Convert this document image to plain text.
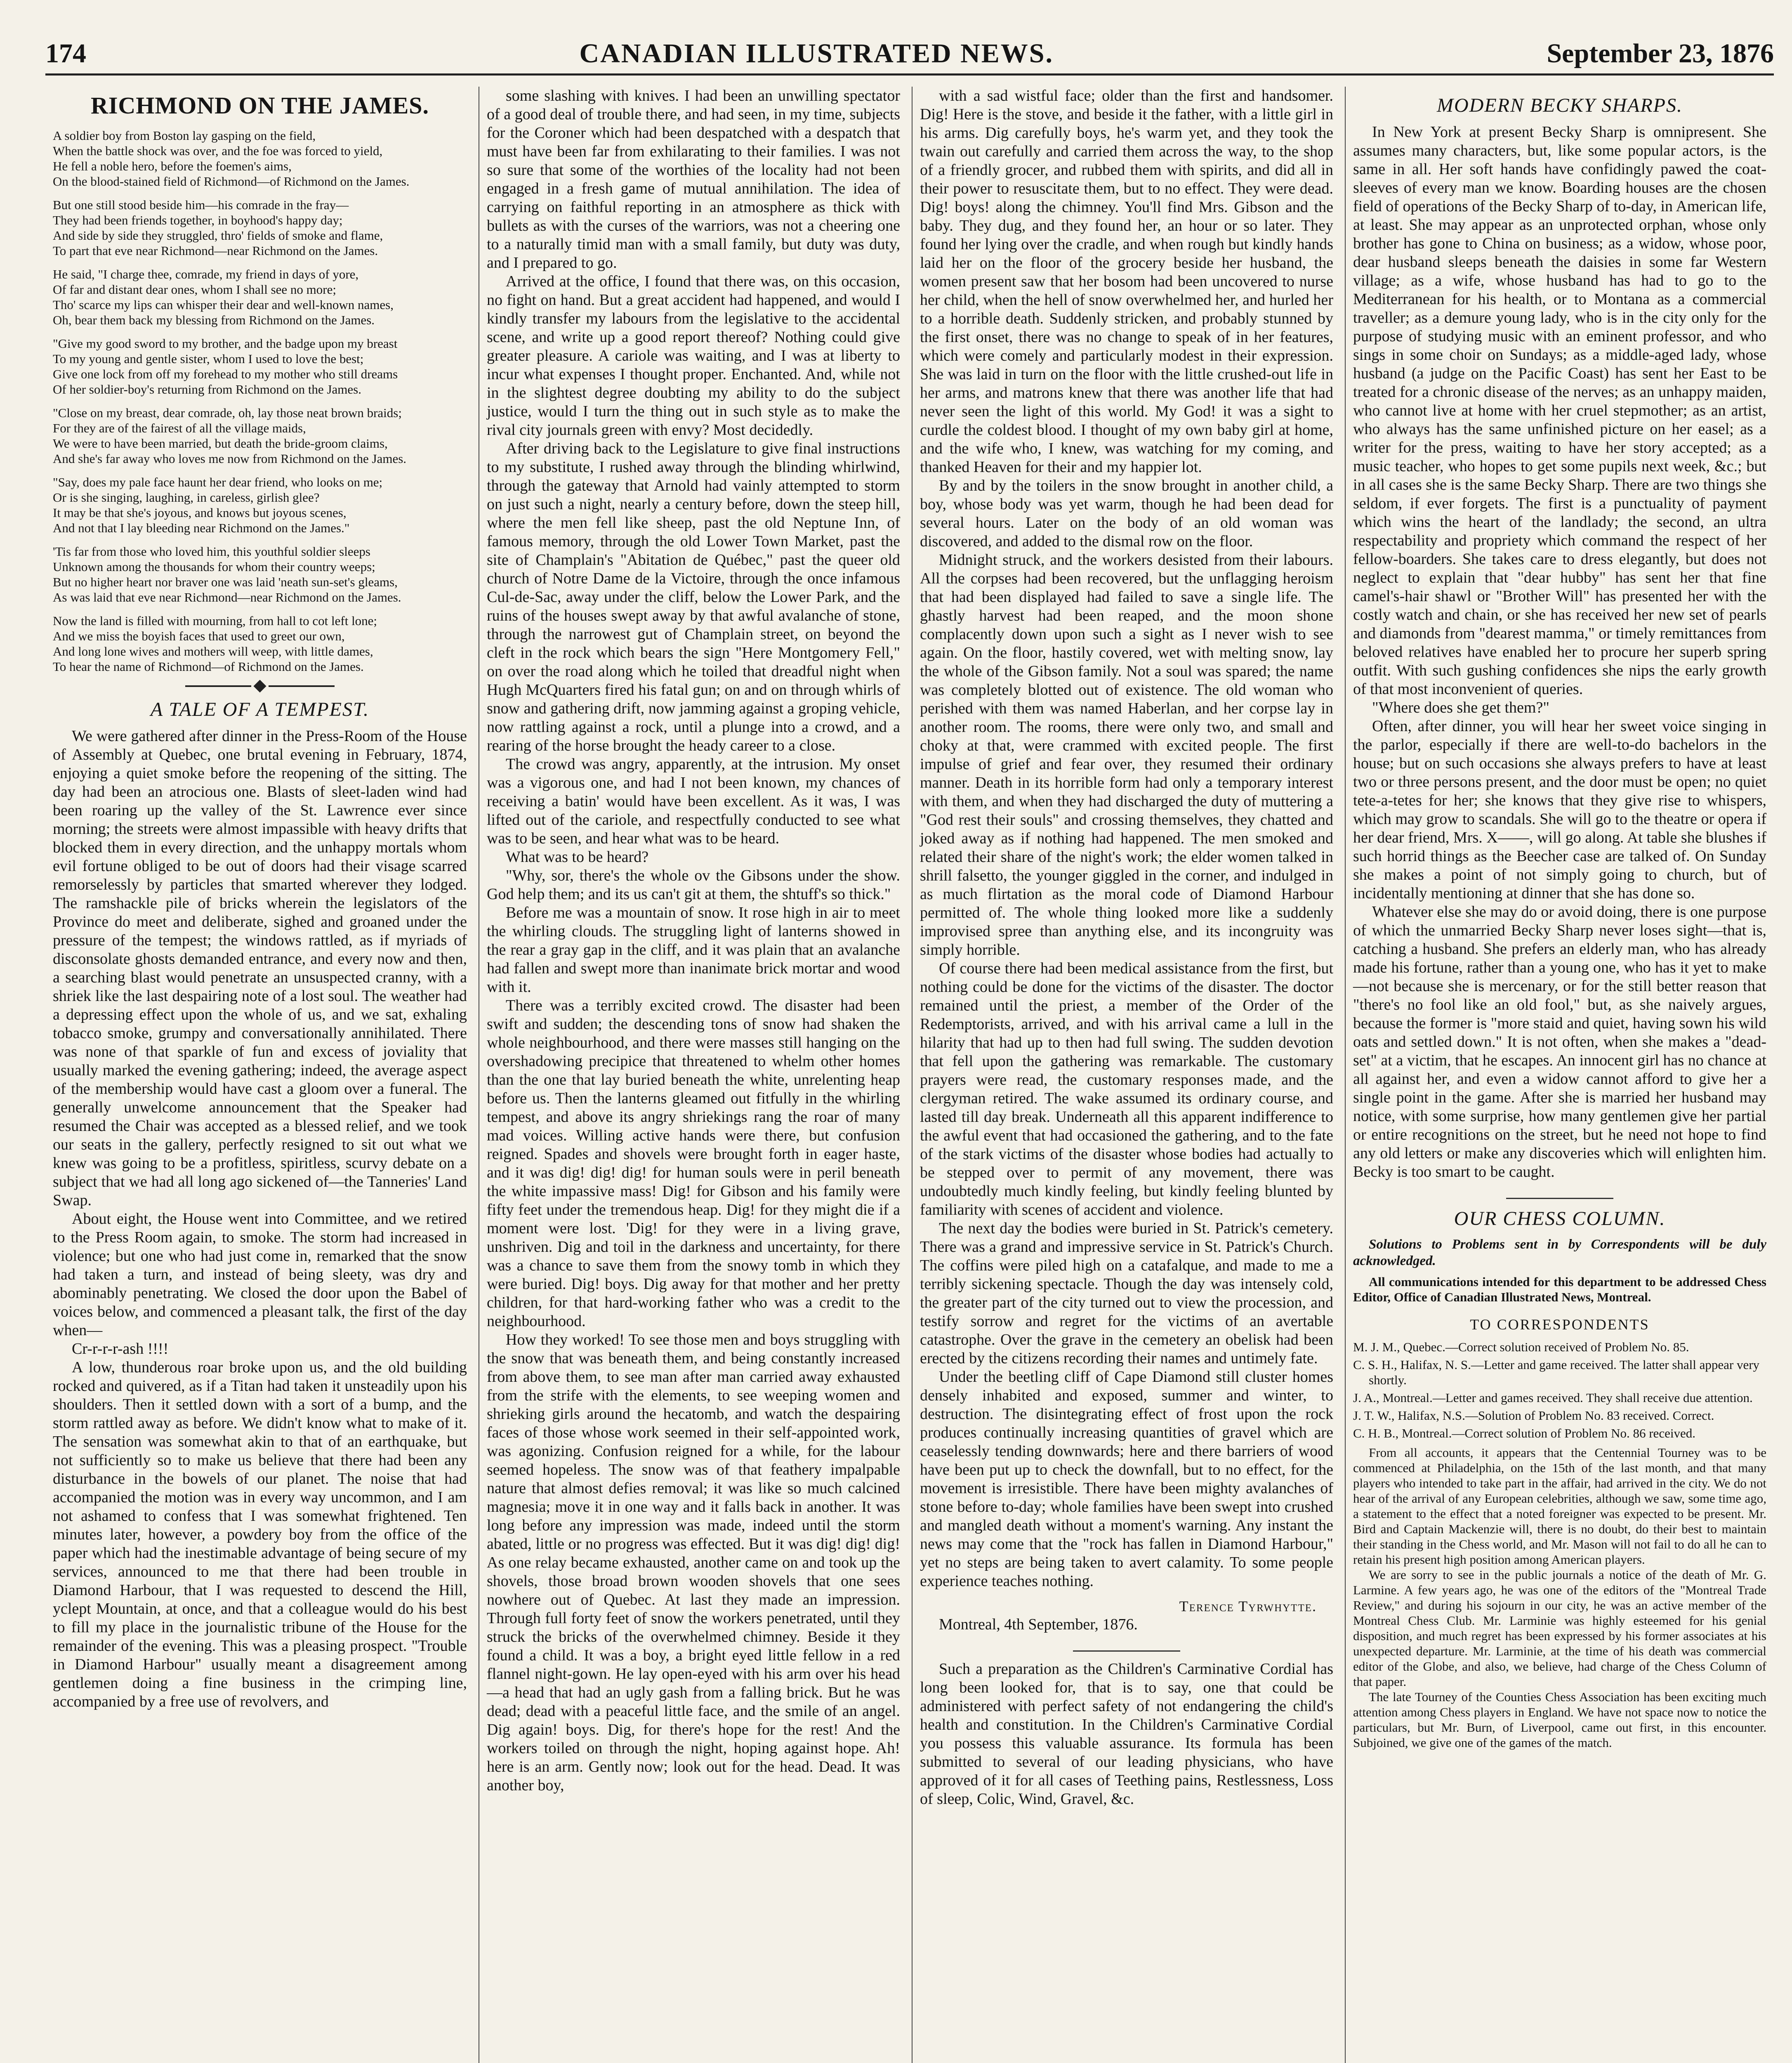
174	CANADIAN ILLUSTRATED NEWS.	September 23, 1876
RICHMOND ON THE JAMES.

A soldier boy from Boston lay gasping on the field,

When the battle shock was over, and the foe was forced to yield,

He fell a noble hero, before the foemen's aims,

On the blood-stained field of Richmond—of Richmond on the James.

But one still stood beside him—his comrade in the fray—

They had been friends together, in boyhood's happy day;

And side by side they struggled, thro' fields of smoke and flame,

To part that eve near Richmond—near Richmond on the James.

He said, "I charge thee, comrade, my friend in days of yore,

Of far and distant dear ones, whom I shall see no more;

Tho' scarce my lips can whisper their dear and well-known names,

Oh, bear them back my blessing from Richmond on the James.

"Give my good sword to my brother, and the badge upon my breast

To my young and gentle sister, whom I used to love the best;

Give one lock from off my forehead to my mother who still dreams

Of her soldier-boy's returning from Richmond on the James.

"Close on my breast, dear comrade, oh, lay those neat brown braids;

For they are of the fairest of all the village maids,

We were to have been married, but death the bride-groom claims,

And she's far away who loves me now from Richmond on the James.

"Say, does my pale face haunt her dear friend, who looks on me;

Or is she singing, laughing, in careless, girlish glee?

It may be that she's joyous, and knows but joyous scenes,

And not that I lay bleeding near Richmond on the James."

'Tis far from those who loved him, this youthful soldier sleeps

Unknown among the thousands for whom their country weeps;

But no higher heart nor braver one was laid 'neath sun-set's gleams,

As was laid that eve near Richmond—near Richmond on the James.

Now the land is filled with mourning, from hall to cot left lone;

And we miss the boyish faces that used to greet our own,

And long lone wives and mothers will weep, with little dames,

To hear the name of Richmond—of Richmond on the James.

A TALE OF A TEMPEST.

We were gathered after dinner in the Press-Room of the House of Assembly at Quebec, one brutal evening in February, 1874, enjoying a quiet smoke before the reopening of the sitting. The day had been an atrocious one. Blasts of sleet-laden wind had been roaring up the valley of the St. Lawrence ever since morning; the streets were almost impassible with heavy drifts that blocked them in every direction, and the unhappy mortals whom evil fortune obliged to be out of doors had their visage scarred remorselessly by particles that smarted wherever they lodged. The ramshackle pile of bricks wherein the legislators of the Province do meet and deliberate, sighed and groaned under the pressure of the tempest; the windows rattled, as if myriads of disconsolate ghosts demanded entrance, and every now and then, a searching blast would penetrate an unsuspected cranny, with a shriek like the last despairing note of a lost soul. The weather had a depressing effect upon the whole of us, and we sat, exhaling tobacco smoke, grumpy and conversationally annihilated. There was none of that sparkle of fun and excess of joviality that usually marked the evening gathering; indeed, the average aspect of the membership would have cast a gloom over a funeral. The generally unwelcome announcement that the Speaker had resumed the Chair was accepted as a blessed relief, and we took our seats in the gallery, perfectly resigned to sit out what we knew was going to be a profitless, spiritless, scurvy debate on a subject that we had all long ago sickened of—the Tanneries' Land Swap.

About eight, the House went into Committee, and we retired to the Press Room again, to smoke. The storm had increased in violence; but one who had just come in, remarked that the snow had taken a turn, and instead of being sleety, was dry and abominably penetrating. We closed the door upon the Babel of voices below, and commenced a pleasant talk, the first of the day when—

Cr-r-r-r-ash !!!!

A low, thunderous roar broke upon us, and the old building rocked and quivered, as if a Titan had taken it unsteadily upon his shoulders. Then it settled down with a sort of a bump, and the storm rattled away as before. We didn't know what to make of it. The sensation was somewhat akin to that of an earthquake, but not sufficiently so to make us believe that there had been any disturbance in the bowels of our planet. The noise that had accompanied the motion was in every way uncommon, and I am not ashamed to confess that I was somewhat frightened. Ten minutes later, however, a powdery boy from the office of the paper which had the inestimable advantage of being secure of my services, announced to me that there had been trouble in Diamond Harbour, that I was requested to descend the Hill, yclept Mountain, at once, and that a colleague would do his best to fill my place in the journalistic tribune of the House for the remainder of the evening. This was a pleasing prospect. "Trouble in Diamond Harbour" usually meant a disagreement among gentlemen doing a fine business in the crimping line, accompanied by a free use of revolvers, and

some slashing with knives. I had been an unwilling spectator of a good deal of trouble there, and had seen, in my time, subjects for the Coroner which had been despatched with a despatch that must have been far from exhilarating to their families. I was not so sure that some of the worthies of the locality had not been engaged in a fresh game of mutual annihilation. The idea of carrying on faithful reporting in an atmosphere as thick with bullets as with the curses of the warriors, was not a cheering one to a naturally timid man with a small family, but duty was duty, and I prepared to go.

Arrived at the office, I found that there was, on this occasion, no fight on hand. But a great accident had happened, and would I kindly transfer my labours from the legislative to the accidental scene, and write up a good report thereof? Nothing could give greater pleasure. A cariole was waiting, and I was at liberty to incur what expenses I thought proper. Enchanted. And, while not in the slightest degree doubting my ability to do the subject justice, would I turn the thing out in such style as to make the rival city journals green with envy? Most decidedly.

After driving back to the Legislature to give final instructions to my substitute, I rushed away through the blinding whirlwind, through the gateway that Arnold had vainly attempted to storm on just such a night, nearly a century before, down the steep hill, where the men fell like sheep, past the old Neptune Inn, of famous memory, through the old Lower Town Market, past the site of Champlain's "Abitation de Québec," past the queer old church of Notre Dame de la Victoire, through the once infamous Cul-de-Sac, away under the cliff, below the Lower Park, and the ruins of the houses swept away by that awful avalanche of stone, through the narrowest gut of Champlain street, on beyond the cleft in the rock which bears the sign "Here Montgomery Fell," on over the road along which he toiled that dreadful night when Hugh McQuarters fired his fatal gun; on and on through whirls of snow and gathering drift, now jamming against a groping vehicle, now rattling against a rock, until a plunge into a crowd, and a rearing of the horse brought the heady career to a close.

The crowd was angry, apparently, at the intrusion. My onset was a vigorous one, and had I not been known, my chances of receiving a batin' would have been excellent. As it was, I was lifted out of the cariole, and respectfully conducted to see what was to be seen, and hear what was to be heard.

What was to be heard?

"Why, sor, there's the whole ov the Gibsons under the show. God help them; and its us can't git at them, the shtuff's so thick."

Before me was a mountain of snow. It rose high in air to meet the whirling clouds. The struggling light of lanterns showed in the rear a gray gap in the cliff, and it was plain that an avalanche had fallen and swept more than inanimate brick mortar and wood with it.

There was a terribly excited crowd. The disaster had been swift and sudden; the descending tons of snow had shaken the whole neighbourhood, and there were masses still hanging on the overshadowing precipice that threatened to whelm other homes than the one that lay buried beneath the white, unrelenting heap before us. Then the lanterns gleamed out fitfully in the whirling tempest, and above its angry shriekings rang the roar of many mad voices. Willing active hands were there, but confusion reigned. Spades and shovels were brought forth in eager haste, and it was dig! dig! dig! for human souls were in peril beneath the white impassive mass! Dig! for Gibson and his family were fifty feet under the tremendous heap. Dig! for they might die if a moment were lost. 'Dig! for they were in a living grave, unshriven. Dig and toil in the darkness and uncertainty, for there was a chance to save them from the snowy tomb in which they were buried. Dig! boys. Dig away for that mother and her pretty children, for that hard-working father who was a credit to the neighbourhood.

How they worked! To see those men and boys struggling with the snow that was beneath them, and being constantly increased from above them, to see man after man carried away exhausted from the strife with the elements, to see weeping women and shrieking girls around the hecatomb, and watch the despairing faces of those whose work seemed in their self-appointed work, was agonizing. Confusion reigned for a while, for the labour seemed hopeless. The snow was of that feathery impalpable nature that almost defies removal; it was like so much calcined magnesia; move it in one way and it falls back in another. It was long before any impression was made, indeed until the storm abated, little or no progress was effected. But it was dig! dig! dig! As one relay became exhausted, another came on and took up the shovels, those broad brown wooden shovels that one sees nowhere out of Quebec. At last they made an impression. Through full forty feet of snow the workers penetrated, until they struck the bricks of the overwhelmed chimney. Beside it they found a child. It was a boy, a bright eyed little fellow in a red flannel night-gown. He lay open-eyed with his arm over his head—a head that had an ugly gash from a falling brick. But he was dead; dead with a peaceful little face, and the smile of an angel. Dig again! boys. Dig, for there's hope for the rest! And the workers toiled on through the night, hoping against hope. Ah! here is an arm. Gently now; look out for the head. Dead. It was another boy,

with a sad wistful face; older than the first and handsomer. Dig! Here is the stove, and beside it the father, with a little girl in his arms. Dig carefully boys, he's warm yet, and they took the twain out carefully and carried them across the way, to the shop of a friendly grocer, and rubbed them with spirits, and did all in their power to resuscitate them, but to no effect. They were dead. Dig! boys! along the chimney. You'll find Mrs. Gibson and the baby. They dug, and they found her, an hour or so later. They found her lying over the cradle, and when rough but kindly hands laid her on the floor of the grocery beside her husband, the women present saw that her bosom had been uncovered to nurse her child, when the hell of snow overwhelmed her, and hurled her to a horrible death. Suddenly stricken, and probably stunned by the first onset, there was no change to speak of in her features, which were comely and particularly modest in their expression. She was laid in turn on the floor with the little crushed-out life in her arms, and matrons knew that there was another life that had never seen the light of this world. My God! it was a sight to curdle the coldest blood. I thought of my own baby girl at home, and the wife who, I knew, was watching for my coming, and thanked Heaven for their and my happier lot.

By and by the toilers in the snow brought in another child, a boy, whose body was yet warm, though he had been dead for several hours. Later on the body of an old woman was discovered, and added to the dismal row on the floor.

Midnight struck, and the workers desisted from their labours. All the corpses had been recovered, but the unflagging heroism that had been displayed had failed to save a single life. The ghastly harvest had been reaped, and the moon shone complacently down upon such a sight as I never wish to see again. On the floor, hastily covered, wet with melting snow, lay the whole of the Gibson family. Not a soul was spared; the name was completely blotted out of existence. The old woman who perished with them was named Haberlan, and her corpse lay in another room. The rooms, there were only two, and small and choky at that, were crammed with excited people. The first impulse of grief and fear over, they resumed their ordinary manner. Death in its horrible form had only a temporary interest with them, and when they had discharged the duty of muttering a "God rest their souls" and crossing themselves, they chatted and joked away as if nothing had happened. The men smoked and related their share of the night's work; the elder women talked in shrill falsetto, the younger giggled in the corner, and indulged in as much flirtation as the moral code of Diamond Harbour permitted of. The whole thing looked more like a suddenly improvised spree than anything else, and its incongruity was simply horrible.

Of course there had been medical assistance from the first, but nothing could be done for the victims of the disaster. The doctor remained until the priest, a member of the Order of the Redemptorists, arrived, and with his arrival came a lull in the hilarity that had up to then had full swing. The sudden devotion that fell upon the gathering was remarkable. The customary prayers were read, the customary responses made, and the clergyman retired. The wake assumed its ordinary course, and lasted till day break. Underneath all this apparent indifference to the awful event that had occasioned the gathering, and to the fate of the stark victims of the disaster whose bodies had actually to be stepped over to permit of any movement, there was undoubtedly much kindly feeling, but kindly feeling blunted by familiarity with scenes of accident and violence.

The next day the bodies were buried in St. Patrick's cemetery. There was a grand and impressive service in St. Patrick's Church. The coffins were piled high on a catafalque, and made to me a terribly sickening spectacle. Though the day was intensely cold, the greater part of the city turned out to view the procession, and testify sorrow and regret for the victims of an avertable catastrophe. Over the grave in the cemetery an obelisk had been erected by the citizens recording their names and untimely fate.

Under the beetling cliff of Cape Diamond still cluster homes densely inhabited and exposed, summer and winter, to destruction. The disintegrating effect of frost upon the rock produces continually increasing quantities of gravel which are ceaselessly tending downwards; here and there barriers of wood have been put up to check the downfall, but to no effect, for the movement is irresistible. There have been mighty avalanches of stone before to-day; whole families have been swept into crushed and mangled death without a moment's warning. Any instant the news may come that the "rock has fallen in Diamond Harbour," yet no steps are being taken to avert calamity. To some people experience teaches nothing.

Terence Tyrwhytte.

Montreal, 4th September, 1876.

Such a preparation as the Children's Carminative Cordial has long been looked for, that is to say, one that could be administered with perfect safety of not endangering the child's health and constitution. In the Children's Carminative Cordial you possess this valuable assurance. Its formula has been submitted to several of our leading physicians, who have approved of it for all cases of Teething pains, Restlessness, Loss of sleep, Colic, Wind, Gravel, &c.

MODERN BECKY SHARPS.

In New York at present Becky Sharp is omnipresent. She assumes many characters, but, like some popular actors, is the same in all. Her soft hands have confidingly pawed the coat-sleeves of every man we know. Boarding houses are the chosen field of operations of the Becky Sharp of to-day, in American life, at least. She may appear as an unprotected orphan, whose only brother has gone to China on business; as a widow, whose poor, dear husband sleeps beneath the daisies in some far Western village; as a wife, whose husband has had to go to the Mediterranean for his health, or to Montana as a commercial traveller; as a demure young lady, who is in the city only for the purpose of studying music with an eminent professor, and who sings in some choir on Sundays; as a middle-aged lady, whose husband (a judge on the Pacific Coast) has sent her East to be treated for a chronic disease of the nerves; as an unhappy maiden, who cannot live at home with her cruel stepmother; as an artist, who always has the same unfinished picture on her easel; as a writer for the press, waiting to have her story accepted; as a music teacher, who hopes to get some pupils next week, &c.; but in all cases she is the same Becky Sharp. There are two things she seldom, if ever forgets. The first is a punctuality of payment which wins the heart of the landlady; the second, an ultra respectability and propriety which command the respect of her fellow-boarders. She takes care to dress elegantly, but does not neglect to explain that "dear hubby" has sent her that fine camel's-hair shawl or "Brother Will" has presented her with the costly watch and chain, or she has received her new set of pearls and diamonds from "dearest mamma," or timely remittances from beloved relatives have enabled her to procure her superb spring outfit. With such gushing confidences she nips the early growth of that most inconvenient of queries.

"Where does she get them?"

Often, after dinner, you will hear her sweet voice singing in the parlor, especially if there are well-to-do bachelors in the house; but on such occasions she always prefers to have at least two or three persons present, and the door must be open; no quiet tete-a-tetes for her; she knows that they give rise to whispers, which may grow to scandals. She will go to the theatre or opera if her dear friend, Mrs. X——, will go along. At table she blushes if such horrid things as the Beecher case are talked of. On Sunday she makes a point of not simply going to church, but of incidentally mentioning at dinner that she has done so.

Whatever else she may do or avoid doing, there is one purpose of which the unmarried Becky Sharp never loses sight—that is, catching a husband. She prefers an elderly man, who has already made his fortune, rather than a young one, who has it yet to make—not because she is mercenary, or for the still better reason that "there's no fool like an old fool," but, as she naively argues, because the former is "more staid and quiet, having sown his wild oats and settled down." It is not often, when she makes a "dead-set" at a victim, that he escapes. An innocent girl has no chance at all against her, and even a widow cannot afford to give her a single point in the game. After she is married her husband may notice, with some surprise, how many gentlemen give her partial or entire recognitions on the street, but he need not hope to find any old letters or make any discoveries which will enlighten him. Becky is too smart to be caught.

OUR CHESS COLUMN.

Solutions to Problems sent in by Correspondents will be duly acknowledged.

All communications intended for this department to be addressed Chess Editor, Office of Canadian Illustrated News, Montreal.

TO CORRESPONDENTS

M. J. M., Quebec.—Correct solution received of Problem No. 85.

C. S. H., Halifax, N. S.—Letter and game received. The latter shall appear very shortly.

J. A., Montreal.—Letter and games received. They shall receive due attention.

J. T. W., Halifax, N.S.—Solution of Problem No. 83 received. Correct.

C. H. B., Montreal.—Correct solution of Problem No. 86 received.

From all accounts, it appears that the Centennial Tourney was to be commenced at Philadelphia, on the 15th of the last month, and that many players who intended to take part in the affair, had arrived in the city. We do not hear of the arrival of any European celebrities, although we saw, some time ago, a statement to the effect that a noted foreigner was expected to be present. Mr. Bird and Captain Mackenzie will, there is no doubt, do their best to maintain their standing in the Chess world, and Mr. Mason will not fail to do all he can to retain his present high position among American players.

We are sorry to see in the public journals a notice of the death of Mr. G. Larmine. A few years ago, he was one of the editors of the "Montreal Trade Review," and during his sojourn in our city, he was an active member of the Montreal Chess Club. Mr. Larminie was highly esteemed for his genial disposition, and much regret has been expressed by his former associates at his unexpected departure. Mr. Larminie, at the time of his death was commercial editor of the Globe, and also, we believe, had charge of the Chess Column of that paper.

The late Tourney of the Counties Chess Association has been exciting much attention among Chess players in England. We have not space now to notice the particulars, but Mr. Burn, of Liverpool, came out first, in this encounter. Subjoined, we give one of the games of the match.
